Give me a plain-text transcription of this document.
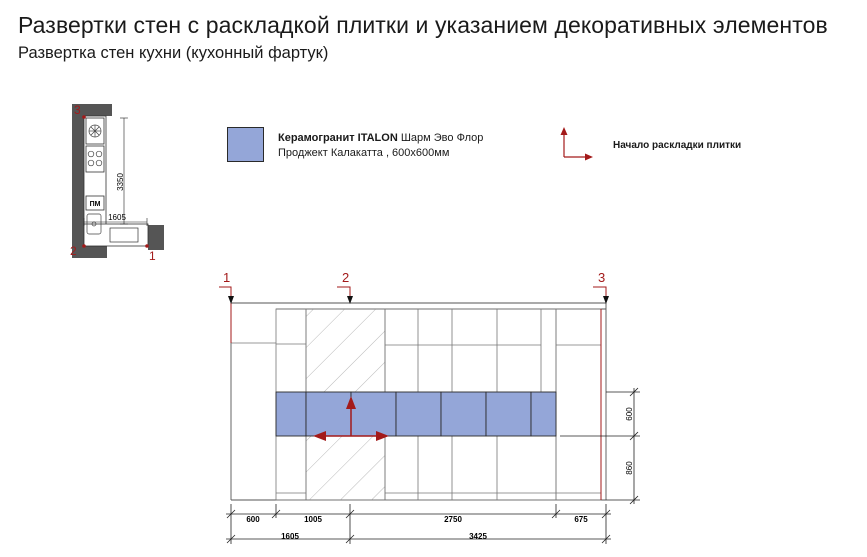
Развертки стен с раскладкой плитки и указанием декоративных элементов
Развертка стен кухни (кухонный фартук)
Керамогранит ITALON Шарм Эво Флор
Проджект Калакатта , 600х600мм
Начало раскладки плитки
ПМ
3350
1605
3
2	1
1	2	3
600
860
600	1005	2750	675
1605	3425
